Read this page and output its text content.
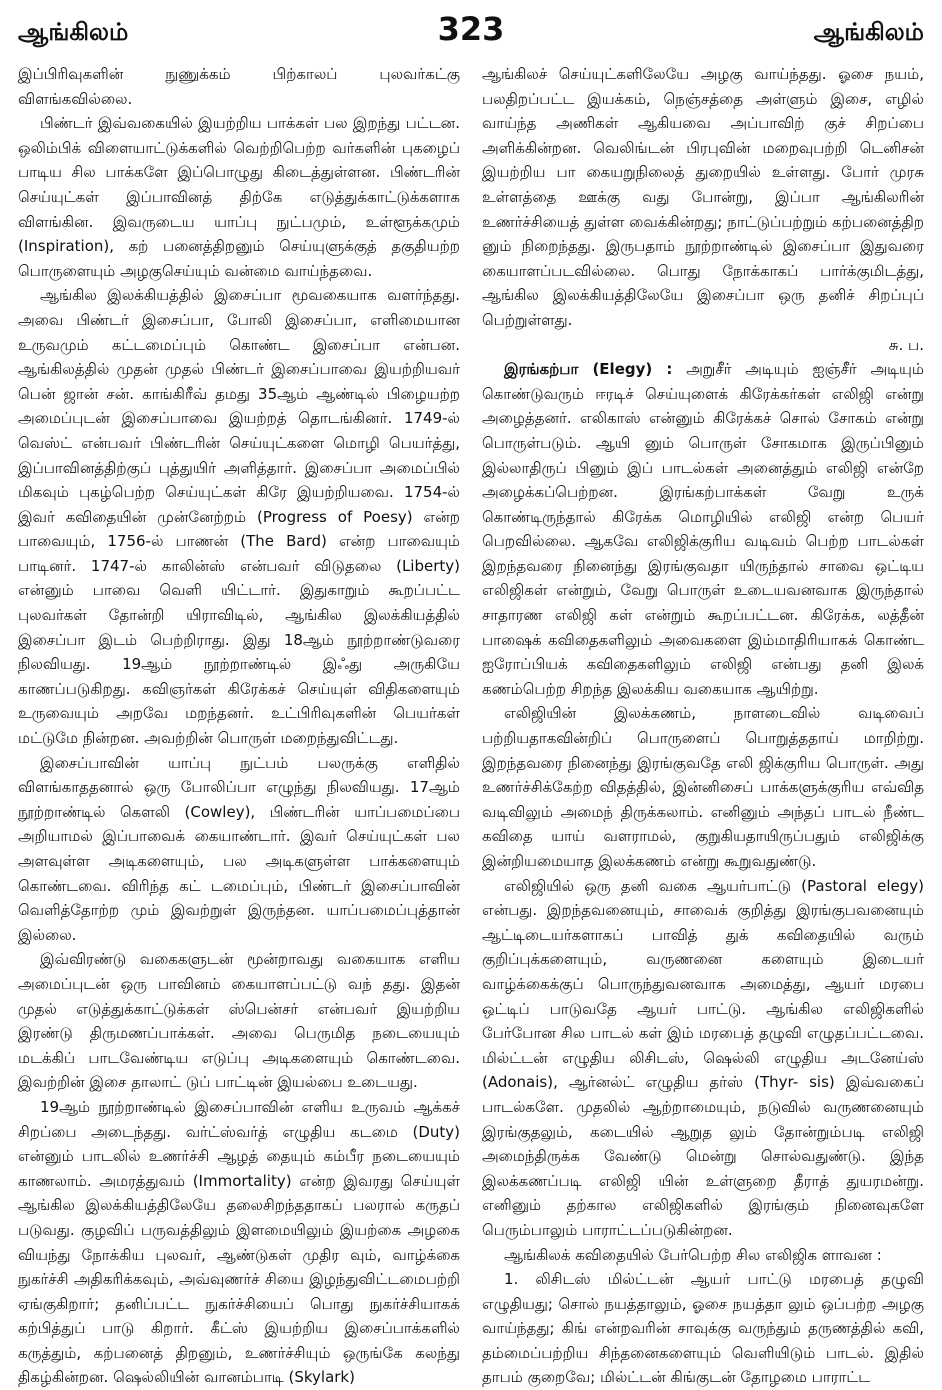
ஆங்கிலம்	323	ஆங்கிலம்

இப்பிரிவுகளின் நுணுக்கம் பிற்காலப் புலவர்கட்கு விளங்கவில்லை.

பிண்டர் இவ்வகையில் இயற்றிய பாக்கள் பல இறந்து பட்டன. ஒலிம்பிக் விளையாட்டுக்களில் வெற்றிபெற்ற வர்களின் புகழைப் பாடிய சில பாக்களே இப்பொழுது கிடைத்துள்ளன. பிண்டரின் செய்யுட்கள் இப்பாவினத் திற்கே எடுத்துக்காட்டுக்களாக விளங்கின. இவருடைய யாப்பு நுட்பமும், உள்ளூக்கமும் (Inspiration), கற் பனைத்திறனும் செய்யுளுக்குத் தகுதியற்ற பொருளையும் அழகுசெய்யும் வன்மை வாய்ந்தவை.

ஆங்கில இலக்கியத்தில் இசைப்பா மூவகையாக வளர்ந்தது. அவை பிண்டர் இசைப்பா, போலி இசைப்பா, எளிமையான உருவமும் கட்டமைப்பும் கொண்ட இசைப்பா என்பன. ஆங்கிலத்தில் முதன் முதல் பிண்டர் இசைப்பாவை இயற்றியவர் பென் ஜான் சன். காங்கிரீவ் தமது 35ஆம் ஆண்டில் பிழையற்ற அமைப்புடன் இசைப்பாவை இயற்றத் தொடங்கினர். 1749-ல் வெஸ்ட் என்பவர் பிண்டரின் செய்யுட்களை மொழி பெயர்த்து, இப்பாவினத்திற்குப் புத்துயிர் அளித்தார். இசைப்பா அமைப்பில் மிகவும் புகழ்பெற்ற செய்யுட்கள் கிரே இயற்றியவை. 1754-ல் இவர் கவிதையின் முன்னேற்றம் (Progress of Poesy) என்ற பாவையும், 1756-ல் பாணன் (The Bard) என்ற பாவையும் பாடினர். 1747-ல் காலின்ஸ் என்பவர் விடுதலை (Liberty) என்னும் பாவை வெளி யிட்டார். இதுகாறும் கூறப்பட்ட புலவர்கள் தோன்றி யிராவிடில், ஆங்கில இலக்கியத்தில் இசைப்பா இடம் பெற்றிராது. இது 18ஆம் நூற்றாண்டுவரை நிலவியது. 19ஆம் நூற்றாண்டில் இஃது அருகியே காணப்படுகிறது. கவிஞர்கள் கிரேக்கச் செய்யுள் விதிகளையும் உருவையும் அறவே மறந்தனர். உட்பிரிவுகளின் பெயர்கள் மட்டுமே நின்றன. அவற்றின் பொருள் மறைந்துவிட்டது.

இசைப்பாவின் யாப்பு நுட்பம் பலருக்கு எளிதில் விளங்காததனால் ஒரு போலிப்பா எழுந்து நிலவியது. 17ஆம் நூற்றாண்டில் கௌலி (Cowley), பிண்டரின் யாப்பமைப்பை அறியாமல் இப்பாவைக் கையாண்டார். இவர் செய்யுட்கள் பல அளவுள்ள அடிகளையும், பல அடிகளுள்ள பாக்களையும் கொண்டவை. விரிந்த கட் டமைப்பும், பிண்டர் இசைப்பாவின் வெளித்தோற்ற மும் இவற்றுள் இருந்தன. யாப்பமைப்புத்தான் இல்லை.

இவ்விரண்டு வகைகளுடன் மூன்றாவது வகையாக எளிய அமைப்புடன் ஒரு பாவினம் கையாளப்பட்டு வந் தது. இதன் முதல் எடுத்துக்காட்டுக்கள் ஸ்பென்சர் என்பவர் இயற்றிய இரண்டு திருமணப்பாக்கள். அவை பெருமித நடையையும் மடக்கிப் பாடவேண்டிய எடுப்பு அடிகளையும் கொண்டவை. இவற்றின் இசை தாலாட் டுப் பாட்டின் இயல்பை உடையது.

19ஆம் நூற்றாண்டில் இசைப்பாவின் எளிய உருவம் ஆக்கச் சிறப்பை அடைந்தது. வர்ட்ஸ்வர்த் எழுதிய கடமை (Duty) என்னும் பாடலில் உணர்ச்சி ஆழத் தையும் கம்பீர நடையையும் காணலாம். அமரத்துவம் (Immortality) என்ற இவரது செய்யுள் ஆங்கில இலக்கியத்திலேயே தலைசிறந்ததாகப் பலரால் கருதப் படுவது. குழவிப் பருவத்திலும் இளமையிலும் இயற்கை அழகை வியந்து நோக்கிய புலவர், ஆண்டுகள் முதிர வும், வாழ்க்கை நுகர்ச்சி அதிகரிக்கவும், அவ்வுணர்ச் சியை இழந்துவிட்டமைபற்றி ஏங்குகிறார்; தனிப்பட்ட நுகர்ச்சியைப் பொது நுகர்ச்சியாகக் கற்பித்துப் பாடு கிறார். கீட்ஸ் இயற்றிய இசைப்பாக்களில் கருத்தும், கற்பனைத் திறனும், உணர்ச்சியும் ஒருங்கே கலந்து திகழ்கின்றன. ஷெல்லியின் வானம்பாடி (Skylark)

ஆங்கிலச் செய்யுட்களிலேயே அழகு வாய்ந்தது. ஓசை நயம், பலதிறப்பட்ட இயக்கம், நெஞ்சத்தை அள்ளும் இசை, எழில் வாய்ந்த அணிகள் ஆகியவை அப்பாவிற் குச் சிறப்பை அளிக்கின்றன. வெலிங்டன் பிரபுவின் மறைவுபற்றி டெனிசன் இயற்றிய பா கையறுநிலைத் துறையில் உள்ளது. போர் முரசு உள்ளத்தை ஊக்கு வது போன்று, இப்பா ஆங்கிலரின் உணர்ச்சியைத் துள்ள வைக்கின்றது; நாட்டுப்பற்றும் கற்பனைத்திற னும் நிறைந்தது. இருபதாம் நூற்றாண்டில் இசைப்பா இதுவரை கையாளப்படவில்லை. பொது நோக்காகப் பார்க்குமிடத்து, ஆங்கில இலக்கியத்திலேயே இசைப்பா ஒரு தனிச் சிறப்புப் பெற்றுள்ளது.

சு. ப.

இரங்கற்பா (Elegy) : அறுசீர் அடியும் ஐஞ்சீர் அடியும் கொண்டுவரும் ஈரடிச் செய்யுளைக் கிரேக்கர்கள் எலிஜி என்று அழைத்தனர். எலிகாஸ் என்னும் கிரேக்கச் சொல் சோகம் என்று பொருள்படும். ஆயி னும் பொருள் சோகமாக இருப்பினும் இல்லாதிருப் பினும் இப் பாடல்கள் அனைத்தும் எலிஜி என்றே அழைக்கப்பெற்றன. இரங்கற்பாக்கள் வேறு உருக் கொண்டிருந்தால் கிரேக்க மொழியில் எலிஜி என்ற பெயர் பெறவில்லை. ஆகவே எலிஜிக்குரிய வடிவம் பெற்ற பாடல்கள் இறந்தவரை நினைந்து இரங்குவதா யிருந்தால் சாவை ஒட்டிய எலிஜிகள் என்றும், வேறு பொருள் உடையவனவாக இருந்தால் சாதாரண எலிஜி கள் என்றும் கூறப்பட்டன. கிரேக்க, லத்தீன் பாஷைக் கவிதைகளிலும் அவைகளை இம்மாதிரியாகக் கொண்ட ஐரோப்பியக் கவிதைகளிலும் எலிஜி என்பது தனி இலக் கணம்பெற்ற சிறந்த இலக்கிய வகையாக ஆயிற்று.

எலிஜியின் இலக்கணம், நாளடைவில் வடிவைப் பற்றியதாகவின்றிப் பொருளைப் பொறுத்ததாய் மாறிற்று. இறந்தவரை நினைந்து இரங்குவதே எலி ஜிக்குரிய பொருள். அது உணர்ச்சிக்கேற்ற விதத்தில், இன்னிசைப் பாக்களுக்குரிய எவ்வித வடிவிலும் அமைந் திருக்கலாம். எனினும் அந்தப் பாடல் நீண்ட கவிதை யாய் வளராமல், குறுகியதாயிருப்பதும் எலிஜிக்கு இன்றியமையாத இலக்கணம் என்று கூறுவதுண்டு.

எலிஜியில் ஒரு தனி வகை ஆயர்பாட்டு (Pastoral elegy) என்பது. இறந்தவனையும், சாவைக் குறித்து இரங்குபவனையும் ஆட்டிடையர்களாகப் பாவித் துக் கவிதையில் வரும் குறிப்புக்களையும், வருணனை களையும் இடையர் வாழ்க்கைக்குப் பொருந்துவனவாக அமைத்து, ஆயர் மரபை ஒட்டிப் பாடுவதே ஆயர் பாட்டு. ஆங்கில எலிஜிகளில் பேர்போன சில பாடல் கள் இம் மரபைத் தழுவி எழுதப்பட்டவை. மில்ட்டன் எழுதிய லிசிடஸ், ஷெல்லி எழுதிய அடனேய்ஸ் (Adonais), ஆர்னல்ட் எழுதிய தர்ஸ் (Thyr- sis) இவ்வகைப் பாடல்களே. முதலில் ஆற்றாமையும், நடுவில் வருணனையும் இரங்குதலும், கடையில் ஆறுத லும் தோன்றும்படி எலிஜி அமைந்திருக்க வேண்டு மென்று சொல்வதுண்டு. இந்த இலக்கணப்படி எலிஜி யின் உள்ளுறை தீராத் துயரமன்று. எனினும் தற்கால எலிஜிகளில் இரங்கும் நினைவுகளே பெரும்பாலும் பாராட்டப்படுகின்றன.

ஆங்கிலக் கவிதையில் பேர்பெற்ற சில எலிஜிக ளாவன :

1. லிசிடஸ் மில்ட்டன் ஆயர் பாட்டு மரபைத் தழுவி எழுதியது; சொல் நயத்தாலும், ஓசை நயத்தா லும் ஒப்பற்ற அழகு வாய்ந்தது; கிங் என்றவரின் சாவுக்கு வருந்தும் தருணத்தில் கவி, தம்மைப்பற்றிய சிந்தனைகளையும் வெளியிடும் பாடல். இதில் தாபம் குறைவே; மில்ட்டன் கிங்குடன் தோழமை பாராட்ட
